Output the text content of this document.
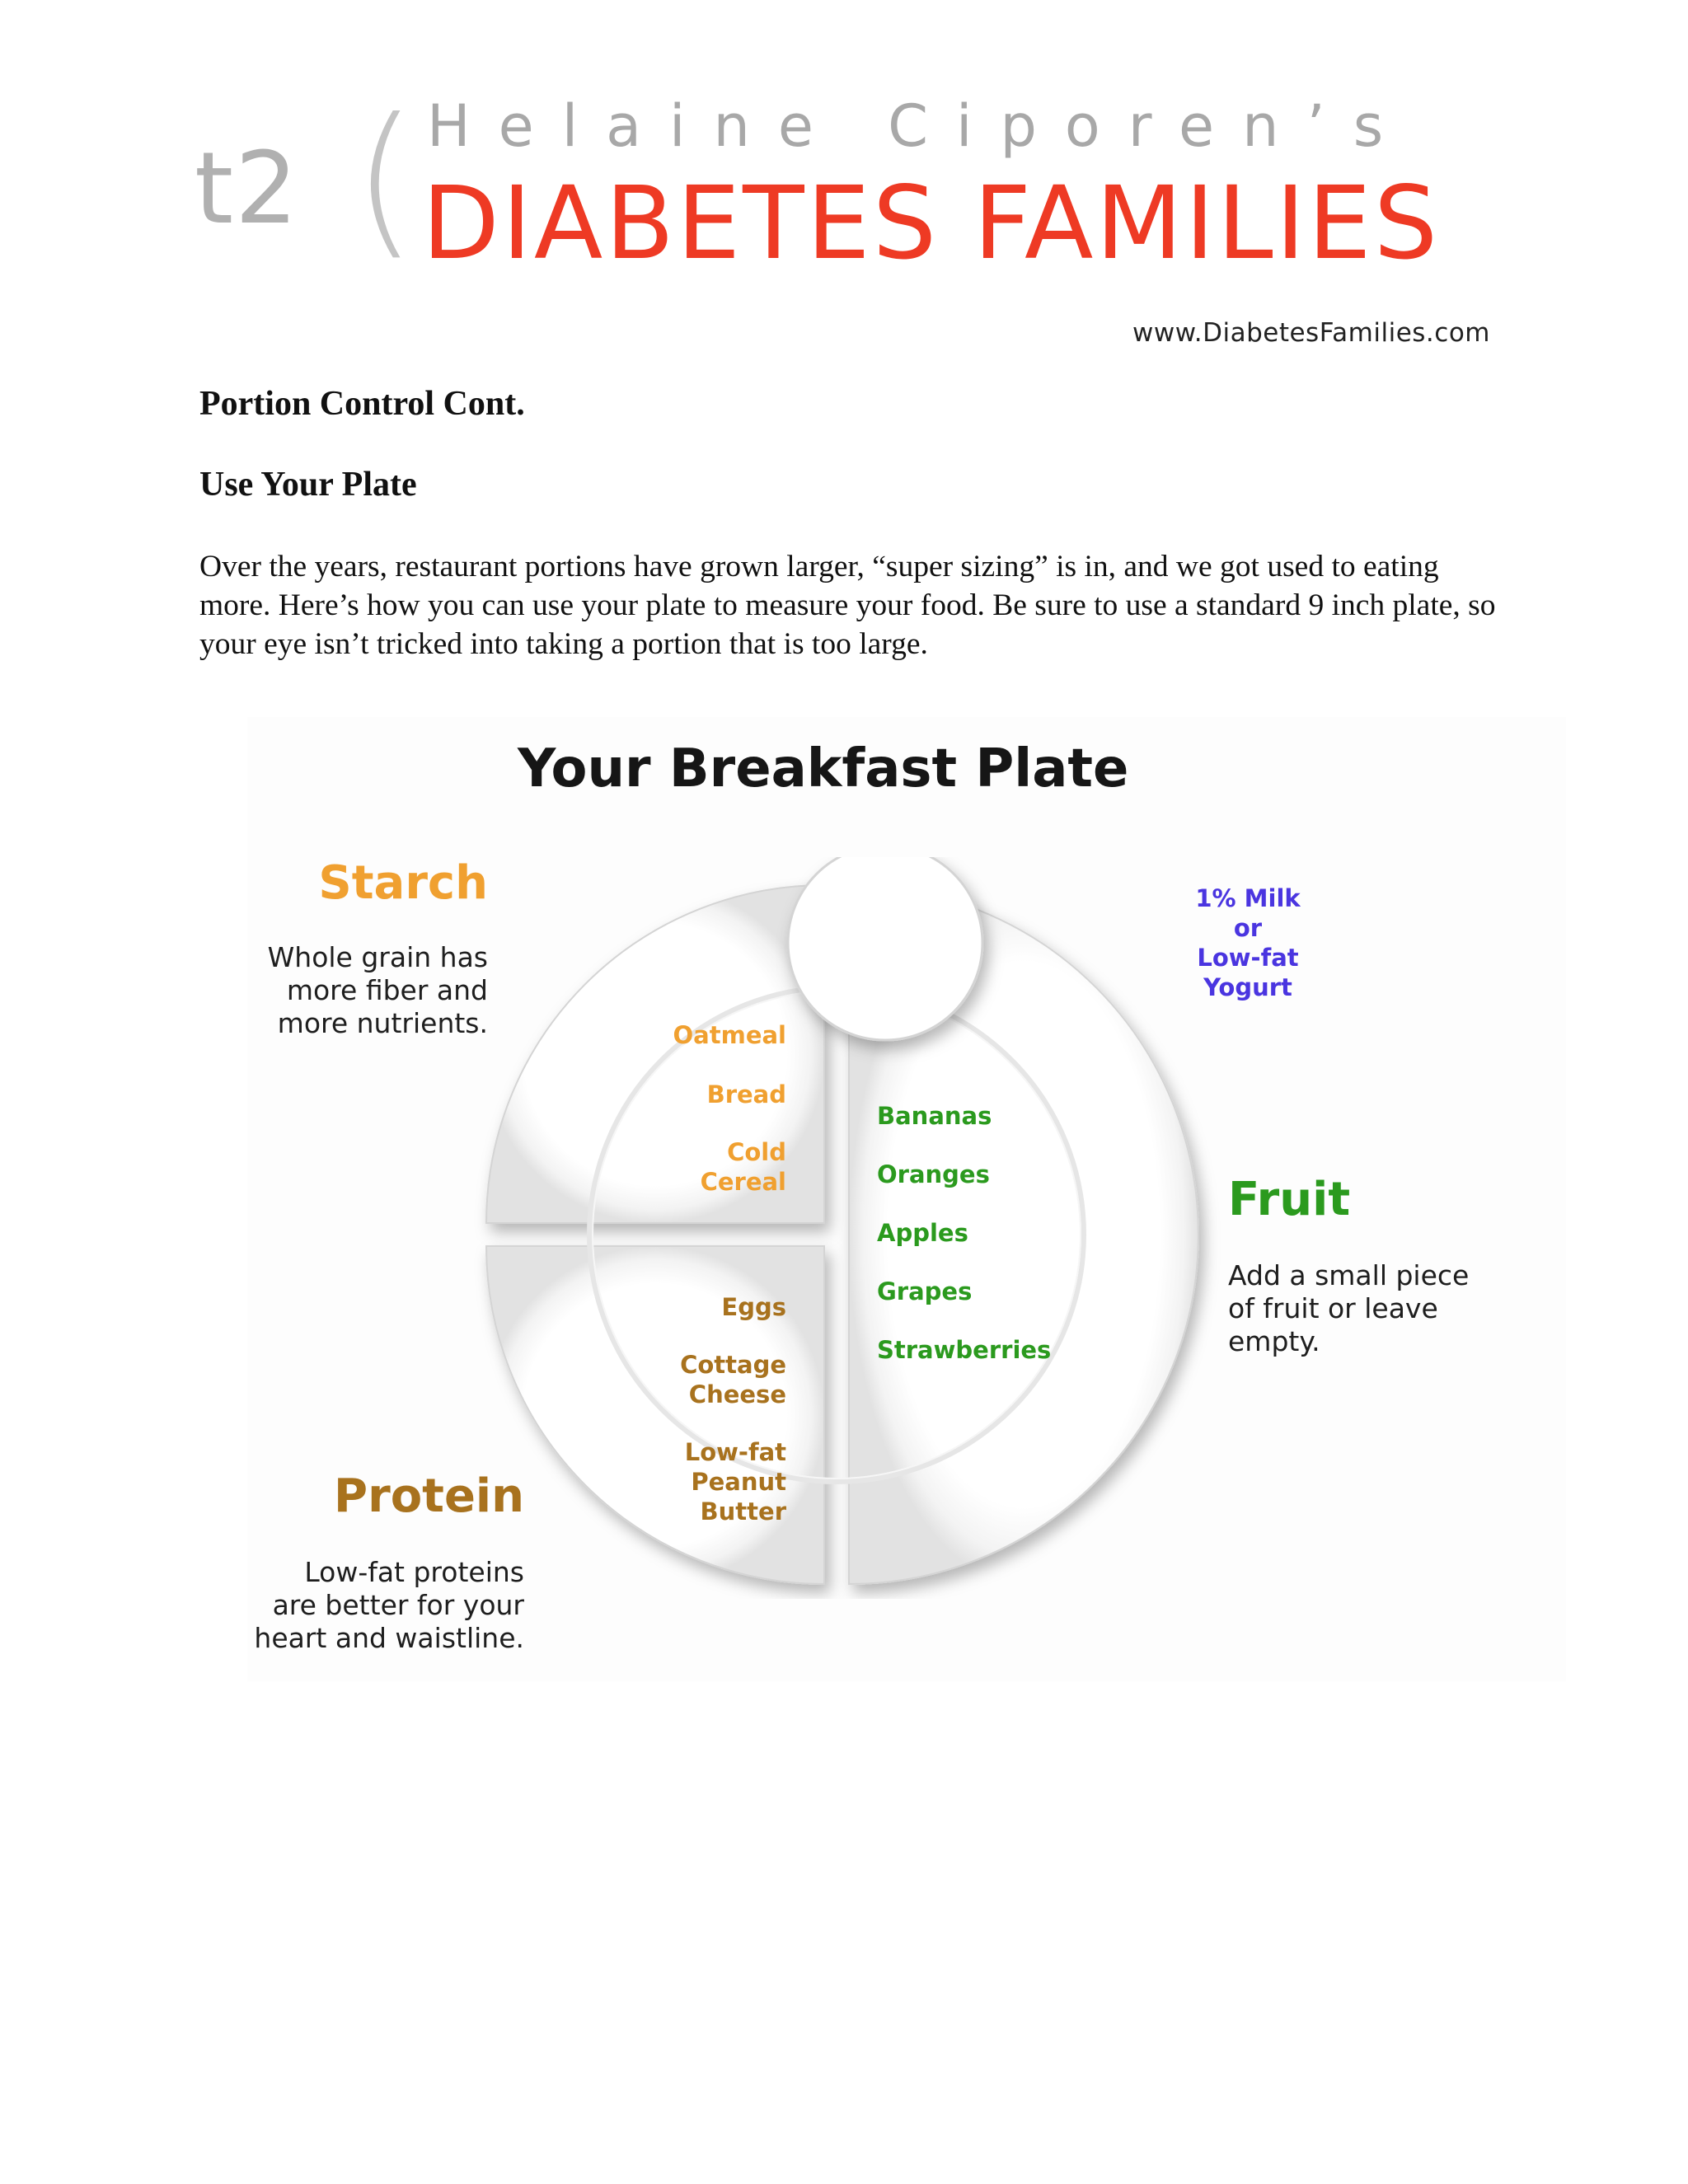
t2 ( Helaine Ciporen’s
DIABETES FAMILIES
www.DiabetesFamilies.com
Portion Control Cont.
Use Your Plate
Over the years, restaurant portions have grown larger, “super sizing” is in, and we got used to eating more. Here’s how you can use your plate to measure your food. Be sure to use a standard 9 inch plate, so your eye isn’t tricked into taking a portion that is too large.
Your Breakfast Plate
Starch
Whole grain has
more fiber and
more nutrients.
Protein
Low-fat proteins
are better for your
heart and waistline.
Fruit
Add a small piece
of fruit or leave
empty.
Oatmeal
Bread
Cold
Cereal
Eggs
Cottage
Cheese
Low-fat
Peanut Butter
Bananas
Oranges
Apples
Grapes
Strawberries
1% Milk
or
Low-fat
Yogurt
